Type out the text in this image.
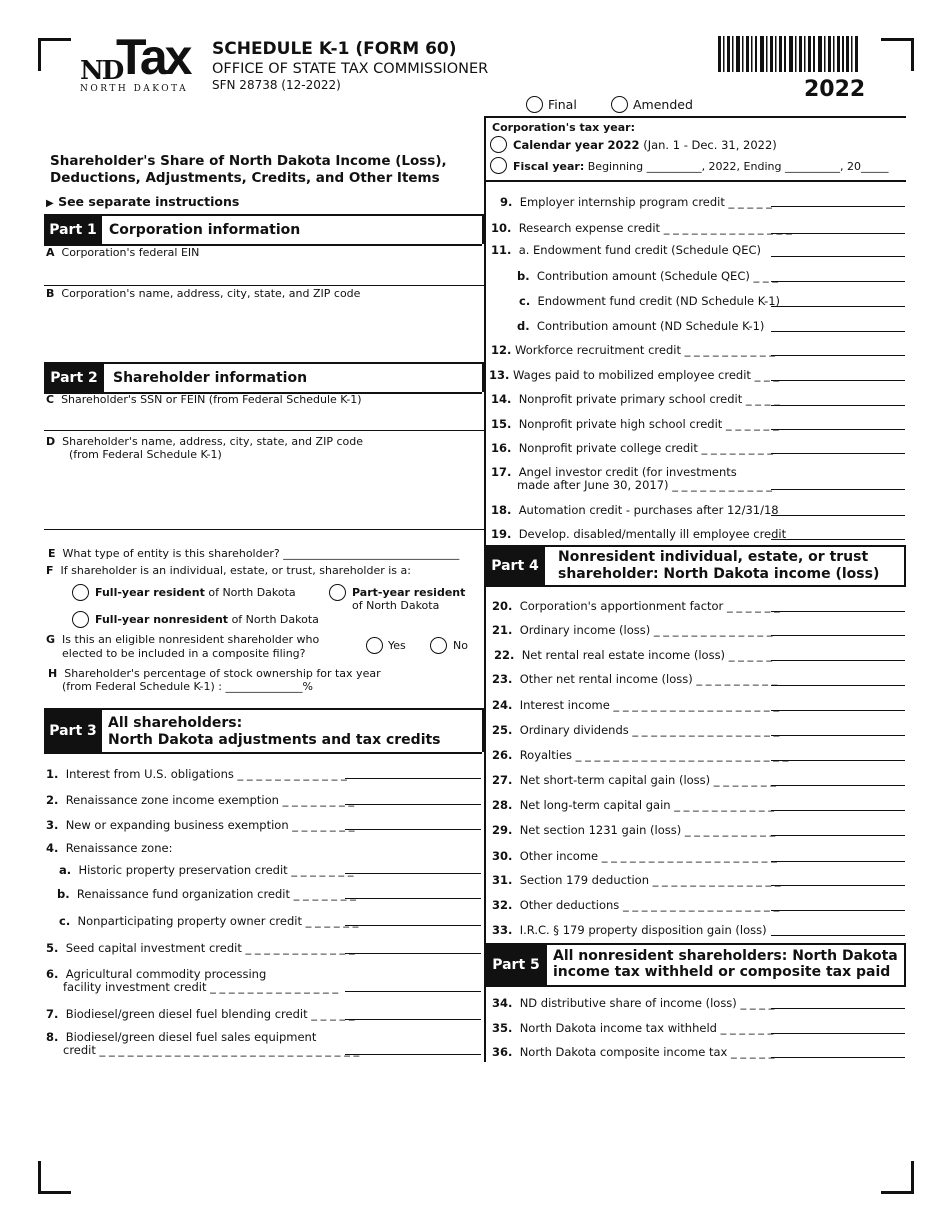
ND
Tax
NORTH DAKOTA
SCHEDULE K-1 (FORM 60)
OFFICE OF STATE TAX COMMISSIONER
SFN 28738 (12-2022)	2022
Final	Amended
Corporation's tax year:
Calendar year 2022 (Jan. 1 - Dec. 31, 2022)
Fiscal year: Beginning __________, 2022, Ending __________, 20_____
Shareholder's Share of North Dakota Income (Loss),
Deductions, Adjustments, Credits, and Other Items
▶ See separate instructions
Part 1 Corporation information
A Corporation's federal EIN
B Corporation's name, address, city, state, and ZIP code
Part 2	Shareholder information
C Shareholder's SSN or FEIN (from Federal Schedule K-1)
D Shareholder's name, address, city, state, and ZIP code
(from Federal Schedule K-1)
E What type of entity is this shareholder? ________________________________
F If shareholder is an individual, estate, or trust, shareholder is a:
Full-year resident of North Dakota	Part-year resident
of North Dakota
Full-year nonresident of North Dakota
G Is this an eligible nonresident shareholder who
elected to be included in a composite filing?
Yes	No
H Shareholder's percentage of stock ownership for tax year
(from Federal Schedule K-1) : ______________%
Part 3 All shareholders:
North Dakota adjustments and tax credits
1. Interest from U.S. obligations _ _ _ _ _ _ _ _ _ _ _ _
2. Renaissance zone income exemption _ _ _ _ _ _ _ _
3. New or expanding business exemption _ _ _ _ _ _ _
4. Renaissance zone:
a. Historic property preservation credit _ _ _ _ _ _ _
b. Renaissance fund organization credit _ _ _ _ _ _ _
c. Nonparticipating property owner credit _ _ _ _ _ _
5. Seed capital investment credit _ _ _ _ _ _ _ _ _ _ _ _
6. Agricultural commodity processing
facility investment credit _ _ _ _ _ _ _ _ _ _ _ _ _ _
7. Biodiesel/green diesel fuel blending credit _ _ _ _ _
8. Biodiesel/green diesel fuel sales equipment
credit _ _ _ _ _ _ _ _ _ _ _ _ _ _ _ _ _ _ _ _ _ _ _ _ _ _ _ _
9. Employer internship program credit _ _ _ _ _
10. Research expense credit _ _ _ _ _ _ _ _ _ _ _ _ _ _
11. a. Endowment fund credit (Schedule QEC)
b. Contribution amount (Schedule QEC) _ _ _
c. Endowment fund credit (ND Schedule K-1)
d. Contribution amount (ND Schedule K-1)
12. Workforce recruitment credit _ _ _ _ _ _ _ _ _ _
13. Wages paid to mobilized employee credit _ _ _
14. Nonprofit private primary school credit _ _ _ _
15. Nonprofit private high school credit _ _ _ _ _ _
16. Nonprofit private college credit _ _ _ _ _ _ _ _
17. Angel investor credit (for investments
made after June 30, 2017) _ _ _ _ _ _ _ _ _ _ _
18. Automation credit - purchases after 12/31/18
19. Develop. disabled/mentally ill employee credit
Part 4
Nonresident individual, estate, or trust
shareholder: North Dakota income (loss)
20. Corporation's apportionment factor _ _ _ _ _ _
21. Ordinary income (loss) _ _ _ _ _ _ _ _ _ _ _ _ _
22. Net rental real estate income (loss) _ _ _ _ _
23. Other net rental income (loss) _ _ _ _ _ _ _ _ _
24. Interest income _ _ _ _ _ _ _ _ _ _ _ _ _ _ _ _ _ _
25. Ordinary dividends _ _ _ _ _ _ _ _ _ _ _ _ _ _ _ _
26. Royalties _ _ _ _ _ _ _ _ _ _ _ _ _ _ _ _ _ _ _ _ _ _ _
27. Net short-term capital gain (loss) _ _ _ _ _ _ _
28. Net long-term capital gain _ _ _ _ _ _ _ _ _ _ _
29. Net section 1231 gain (loss) _ _ _ _ _ _ _ _ _ _
30. Other income _ _ _ _ _ _ _ _ _ _ _ _ _ _ _ _ _ _ _
31. Section 179 deduction _ _ _ _ _ _ _ _ _ _ _ _ _ _
32. Other deductions _ _ _ _ _ _ _ _ _ _ _ _ _ _ _ _ _
33. I.R.C. § 179 property disposition gain (loss)
Part 5
All nonresident shareholders: North Dakota
income tax withheld or composite tax paid
34. ND distributive share of income (loss) _ _ _ _
35. North Dakota income tax withheld _ _ _ _ _ _
36. North Dakota composite income tax _ _ _ _ _
